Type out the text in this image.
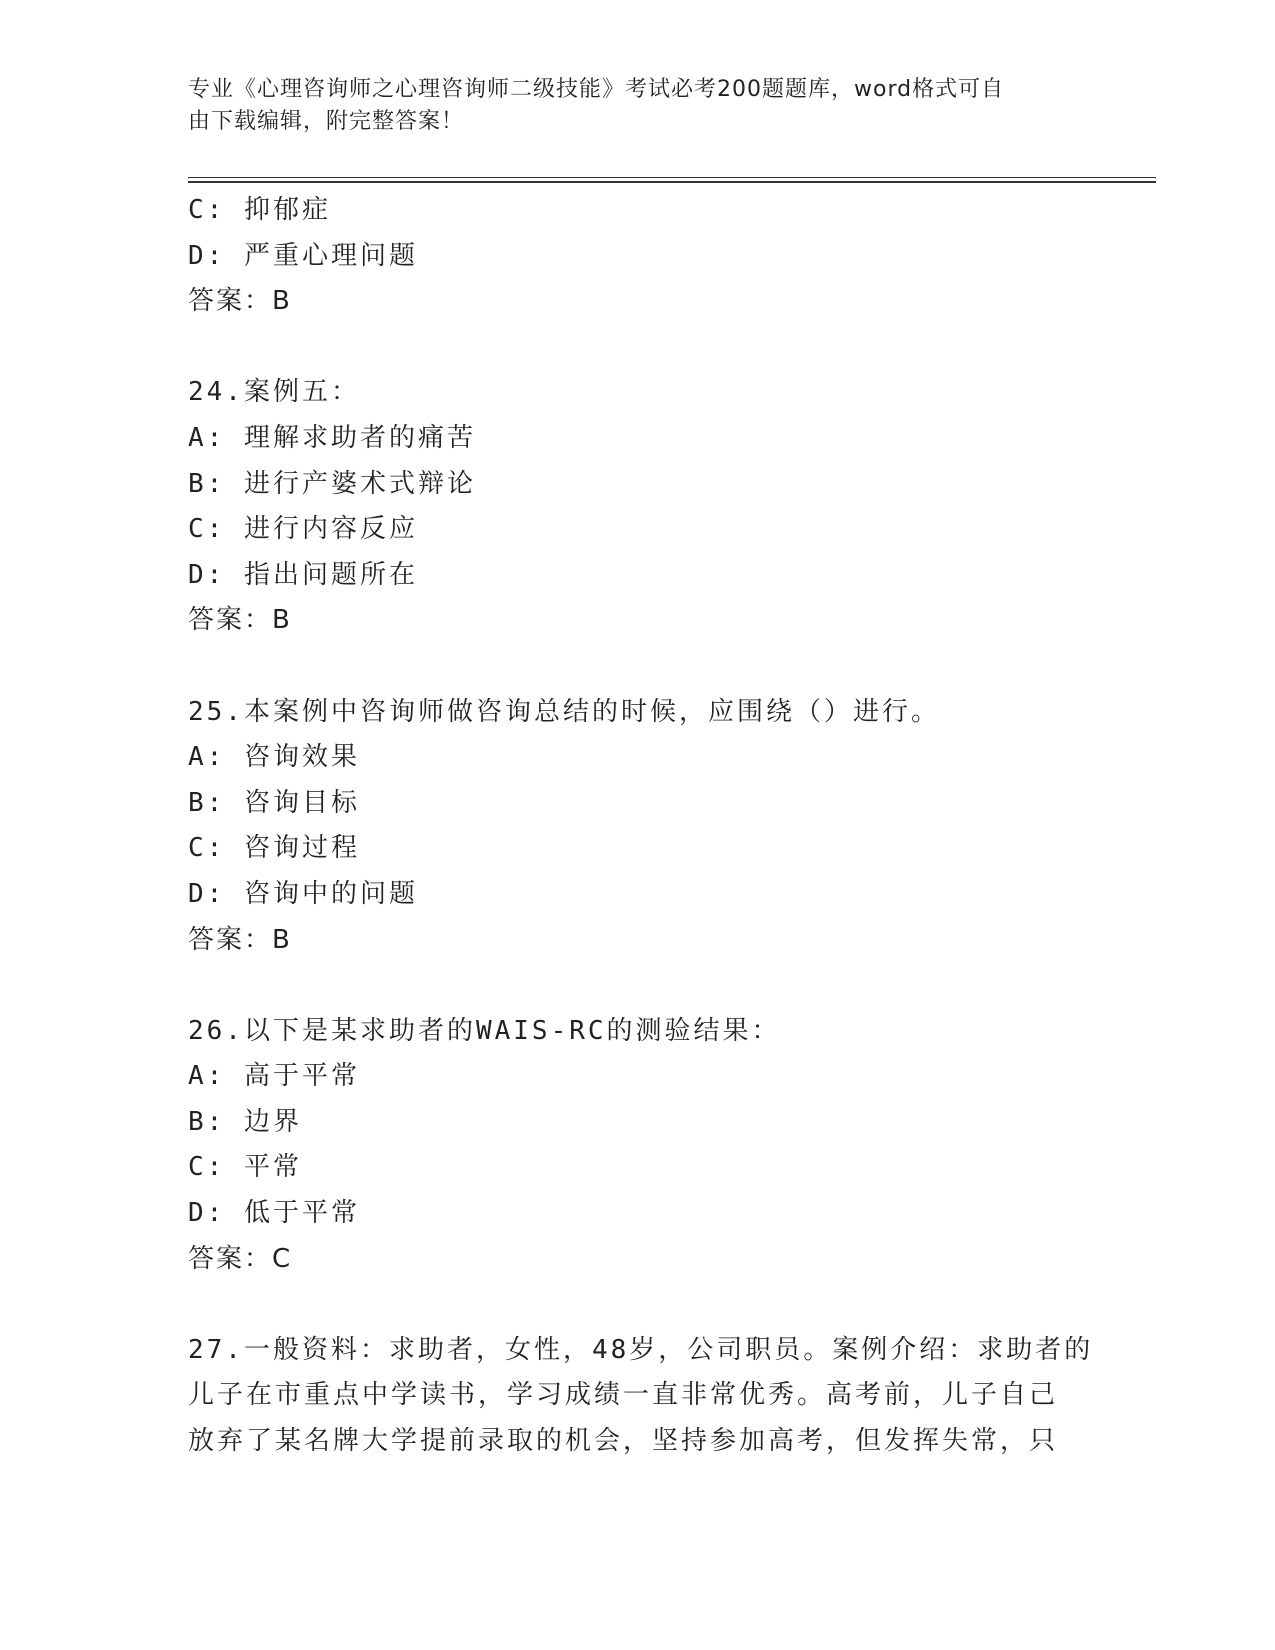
专业《心理咨询师之心理咨询师二级技能》考试必考200题题库，word格式可自
由下载编辑，附完整答案！
C: 抑郁症
D: 严重心理问题
答案：B
24.案例五：
A: 理解求助者的痛苦
B: 进行产婆术式辩论
C: 进行内容反应
D: 指出问题所在
答案：B
25.本案例中咨询师做咨询总结的时候，应围绕（）进行。
A: 咨询效果
B: 咨询目标
C: 咨询过程
D: 咨询中的问题
答案：B
26.以下是某求助者的WAIS-RC的测验结果：
A: 高于平常
B: 边界
C: 平常
D: 低于平常
答案：C
27.一般资料：求助者，女性，48岁，公司职员。案例介绍：求助者的
儿子在市重点中学读书，学习成绩一直非常优秀。高考前，儿子自己
放弃了某名牌大学提前录取的机会，坚持参加高考，但发挥失常，只
